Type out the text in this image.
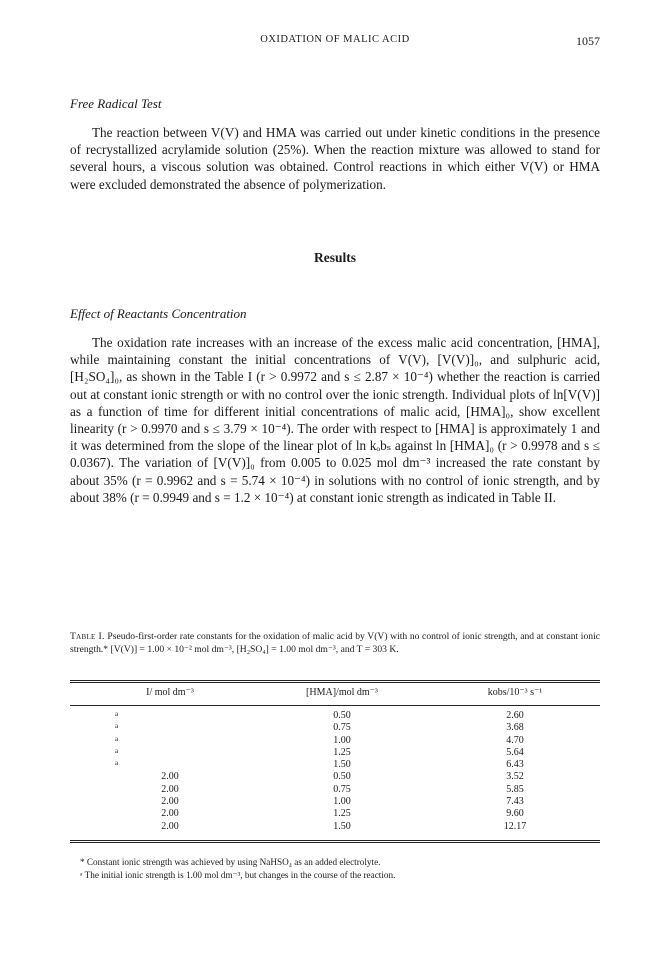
OXIDATION OF MALIC ACID	1057
Free Radical Test

The reaction between V(V) and HMA was carried out under kinetic conditions in the presence of recrystallized acrylamide solution (25%). When the reaction mixture was allowed to stand for several hours, a viscous solution was obtained. Control reactions in which either V(V) or HMA were excluded demonstrated the absence of polymerization.

Results
Effect of Reactants Concentration

The oxidation rate increases with an increase of the excess malic acid concentration, [HMA], while maintaining constant the initial concentrations of V(V), [V(V)]₀, and sulphuric acid, [H₂SO₄]₀, as shown in the Table I (r > 0.9972 and s ≤ 2.87 × 10⁻⁴) whether the reaction is carried out at constant ionic strength or with no control over the ionic strength. Individual plots of ln[V(V)] as a function of time for different initial concentrations of malic acid, [HMA]₀, show excellent linearity (r > 0.9970 and s ≤ 3.79 × 10⁻⁴). The order with respect to [HMA] is approximately 1 and it was determined from the slope of the linear plot of ln kₒbₛ against ln [HMA]₀ (r > 0.9978 and s ≤ 0.0367). The variation of [V(V)]₀ from 0.005 to 0.025 mol dm⁻³ increased the rate constant by about 35% (r = 0.9962 and s = 5.74 × 10⁻⁴) in solutions with no control of ionic strength, and by about 38% (r = 0.9949 and s = 1.2 × 10⁻⁴) at constant ionic strength as indicated in Table II.

Table I. Pseudo-first-order rate constants for the oxidation of malic acid by V(V) with no control of ionic strength, and at constant ionic strength.* [V(V)] = 1.00 × 10⁻² mol dm⁻³, [H₂SO₄] = 1.00 mol dm⁻³, and T = 303 K.
I/ mol dm⁻³	[HMA]/mol dm⁻³	kobs/10⁻³ s⁻¹
$^a$	0.50	2.60
$^a$	0.75	3.68
$^a$	1.00	4.70
$^a$	1.25	5.64
$^a$	1.50	6.43
2.00	0.50	3.52
2.00	0.75	5.85
2.00	1.00	7.43
2.00	1.25	9.60
2.00	1.50	12.17

* Constant ionic strength was achieved by using NaHSO₄ as an added electrolyte.

ᵃ The initial ionic strength is 1.00 mol dm⁻³, but changes in the course of the reaction.
